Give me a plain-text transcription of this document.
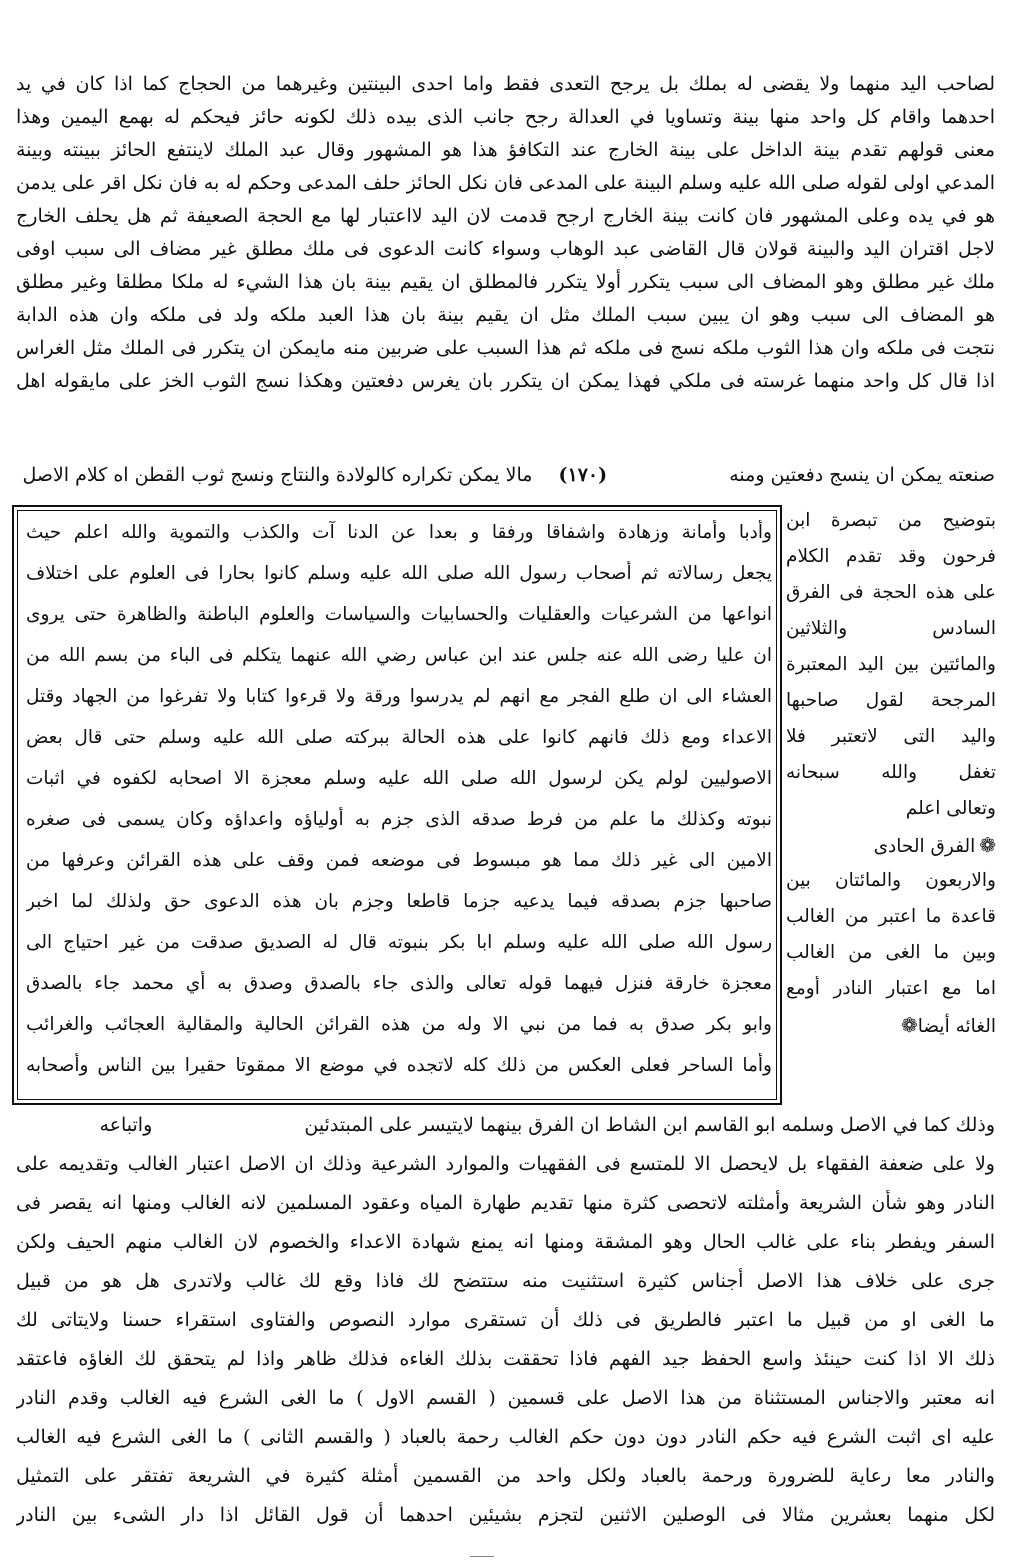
لصاحب اليد منهما ولا يقضى له بملك بل يرجح التعدى فقط واما احدى البينتين وغيرهما من الحجاج كما اذا كان في يد
احدهما واقام كل واحد منها بينة وتساويا في العدالة رجح جانب الذى بيده ذلك لكونه حائز فيحكم له بهمع اليمين وهذا
معنى قولهم تقدم بينة الداخل على بينة الخارج عند التكافؤ هذا هو المشهور وقال عبد الملك لاينتفع الحائز ببينته وبينة
المدعي اولى لقوله صلى الله عليه وسلم البينة على المدعى فان نكل الحائز حلف المدعى وحكم له به فان نكل اقر على يدمن
هو في يده وعلى المشهور فان كانت بينة الخارج ارجح قدمت لان اليد لااعتبار لها مع الحجة الصعيفة ثم هل يحلف الخارج
لاجل اقتران اليد والبينة قولان قال القاضى عبد الوهاب وسواء كانت الدعوى فى ملك مطلق غير مضاف الى سبب اوفى
ملك غير مطلق وهو المضاف الى سبب يتكرر أولا يتكرر فالمطلق ان يقيم بينة بان هذا الشيء له ملكا مطلقا وغير مطلق
هو المضاف الى سبب وهو ان يبين سبب الملك مثل ان يقيم بينة بان هذا العبد ملكه ولد فى ملكه وان هذه الدابة
نتجت فى ملكه وان هذا الثوب ملكه نسج فى ملكه ثم هذا السبب على ضربين منه مايمكن ان يتكرر فى الملك مثل الغراس
اذا قال كل واحد منهما غرسته فى ملكي فهذا يمكن ان يتكرر بان يغرس دفعتين وهكذا نسج الثوب الخز على مايقوله اهل
صنعته يمكن ان ينسج دفعتين ومنه  (١٧٠)  مالا يمكن تكراره كالولادة والنتاج ونسج ثوب القطن اه كلام الاصل
بتوضيح من تبصرة ابن
فرحون وقد تقدم الكلام
على هذه الحجة فى الفرق
السادس والثلاثين
والمائتين بين اليد المعتبرة
المرجحة لقول صاحبها
واليد التى لاتعتبر فلا
تغفل والله سبحانه
وتعالى اعلم
❁الفرق الحادى
والاربعون والمائتان بين
قاعدة ما اعتبر من الغالب
وبين ما الغى من الغالب
اما مع اعتبار النادر أومع
الغائه أيضا❁
وأدبا وأمانة وزهادة واشفاقا ورفقا و بعدا عن الدنا آت والكذب والتموية والله اعلم حيث
يجعل رسالاته ثم أصحاب رسول الله صلى الله عليه وسلم كانوا بحارا فى العلوم على اختلاف
انواعها من الشرعيات والعقليات والحسابيات والسياسات والعلوم الباطنة والظاهرة حتى يروى
ان عليا رضى الله عنه جلس عند ابن عباس رضي الله عنهما يتكلم فى الباء من بسم الله من
العشاء الى ان طلع الفجر مع انهم لم يدرسوا ورقة ولا قرءوا كتابا ولا تفرغوا من الجهاد وقتل
الاعداء ومع ذلك فانهم كانوا على هذه الحالة ببركته صلى الله عليه وسلم حتى قال بعض
الاصوليين لولم يكن لرسول الله صلى الله عليه وسلم معجزة الا اصحابه لكفوه في اثبات
نبوته وكذلك ما علم من فرط صدقه الذى جزم به أولياؤه واعداؤه وكان يسمى فى صغره
الامين الى غير ذلك مما هو مبسوط فى موضعه فمن وقف على هذه القرائن وعرفها من
صاحبها جزم بصدقه فيما يدعيه جزما قاطعا وجزم بان هذه الدعوى حق ولذلك لما اخبر
رسول الله صلى الله عليه وسلم ابا بكر بنبوته قال له الصديق صدقت من غير احتياج الى
معجزة خارقة فنزل فيهما قوله تعالى والذى جاء بالصدق وصدق به أي محمد جاء بالصدق
وابو بكر صدق به فما من نبي الا وله من هذه القرائن الحالية والمقالية العجائب والغرائب
وأما الساحر فعلى العكس من ذلك كله لاتجده في موضع الا ممقوتا حقيرا بين الناس وأصحابه
وذلك كما في الاصل وسلمه ابو القاسم ابن الشاط ان الفرق بينهما لايتيسر على المبتدئين  واتباعه
ولا على ضعفة الفقهاء بل لايحصل الا للمتسع فى الفقهيات والموارد الشرعية وذلك ان الاصل اعتبار الغالب وتقديمه على
النادر وهو شأن الشريعة وأمثلته لاتحصى كثرة منها تقديم طهارة المياه وعقود المسلمين لانه الغالب ومنها انه يقصر فى
السفر ويفطر بناء على غالب الحال وهو المشقة ومنها انه يمنع شهادة الاعداء والخصوم لان الغالب منهم الحيف ولكن
جرى على خلاف هذا الاصل أجناس كثيرة استثنيت منه ستتضح لك فاذا وقع لك غالب ولاتدرى هل هو من قبيل
ما الغى او من قبيل ما اعتبر فالطريق فى ذلك أن تستقرى موارد النصوص والفتاوى استقراء حسنا ولايتاتى لك
ذلك الا اذا كنت حينئذ واسع الحفظ جيد الفهم فاذا تحققت بذلك الغاءه فذلك ظاهر واذا لم يتحقق لك الغاؤه فاعتقد
انه معتبر والاجناس المستثناة من هذا الاصل على قسمين ( القسم الاول ) ما الغى الشرع فيه الغالب وقدم النادر
عليه اى اثبت الشرع فيه حكم النادر دون دون حكم الغالب رحمة بالعباد ( والقسم الثانى ) ما الغى الشرع فيه الغالب
والنادر معا رعاية للضرورة ورحمة بالعباد ولكل واحد من القسمين أمثلة كثيرة في الشريعة تفتقر على التمثيل
لكل منهما بعشرين مثالا فى الوصلين الاثنين لتجزم بشيئين احدهما أن قول القائل اذا دار الشىء بين النادر
